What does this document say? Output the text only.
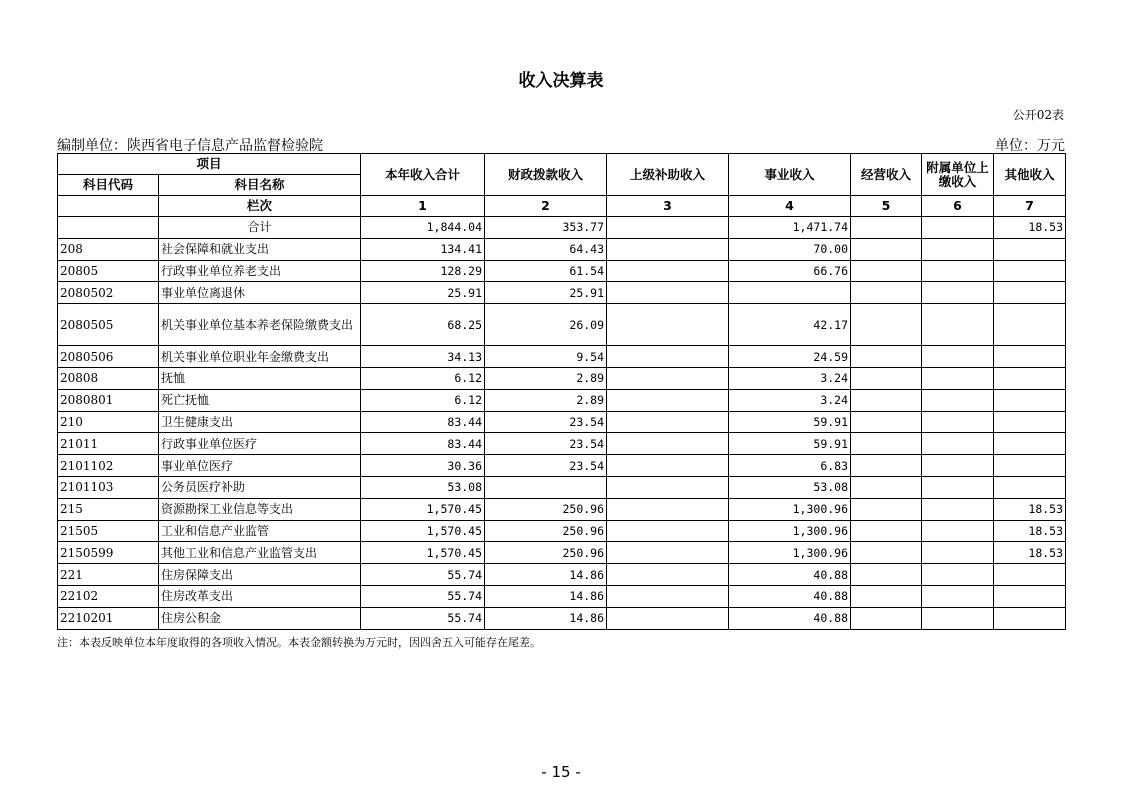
收入决算表
公开02表
编制单位：陕西省电子信息产品监督检验院	单位：万元
项目		本年收入合计	财政拨款收入	上级补助收入	事业收入	经营收入	附属单位上缴收入	其他收入
科目代码	科目名称							
	栏次	1	2	3	4	5	6	7
	合计	1,844.04	353.77		1,471.74			18.53
208	社会保障和就业支出	134.41	64.43		70.00			
20805	行政事业单位养老支出	128.29	61.54		66.76			
2080502	事业单位离退休	25.91	25.91					
2080505	机关事业单位基本养老保险缴费支出	68.25	26.09		42.17			
2080506	机关事业单位职业年金缴费支出	34.13	9.54		24.59			
20808	抚恤	6.12	2.89		3.24			
2080801	死亡抚恤	6.12	2.89		3.24			
210	卫生健康支出	83.44	23.54		59.91			
21011	行政事业单位医疗	83.44	23.54		59.91			
2101102	事业单位医疗	30.36	23.54		6.83			
2101103	公务员医疗补助	53.08			53.08			
215	资源勘探工业信息等支出	1,570.45	250.96		1,300.96			18.53
21505	工业和信息产业监管	1,570.45	250.96		1,300.96			18.53
2150599	其他工业和信息产业监管支出	1,570.45	250.96		1,300.96			18.53
221	住房保障支出	55.74	14.86		40.88			
22102	住房改革支出	55.74	14.86		40.88			
2210201	住房公积金	55.74	14.86		40.88			
注：本表反映单位本年度取得的各项收入情况。本表金额转换为万元时，因四舍五入可能存在尾差。
- 15 -
